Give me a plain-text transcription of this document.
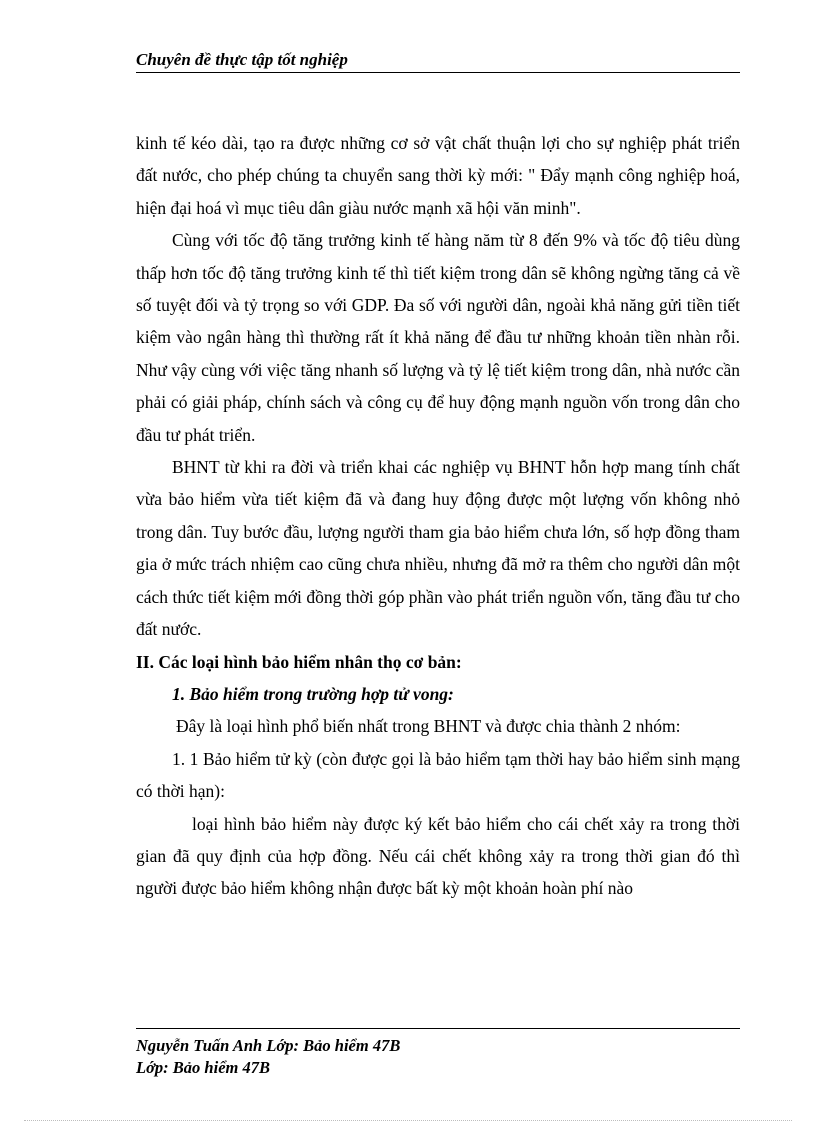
Chuyên đề thực tập tốt nghiệp

kinh tế kéo dài, tạo ra được những cơ sở vật chất thuận lợi cho sự nghiệp phát triển đất nước, cho phép chúng ta chuyển sang thời kỳ mới: " Đẩy mạnh công nghiệp hoá, hiện đại hoá vì mục tiêu dân giàu nước mạnh xã hội văn minh".

Cùng với tốc độ tăng trưởng kinh tế hàng năm từ 8 đến 9% và tốc độ tiêu dùng thấp hơn tốc độ tăng trưởng kinh tế thì tiết kiệm trong dân sẽ không ngừng tăng cả về số tuyệt đối và tỷ trọng so với GDP. Đa số với người dân, ngoài khả năng gửi tiền tiết kiệm vào ngân hàng thì thường rất ít khả năng để đầu tư những khoản tiền nhàn rỗi. Như vậy cùng với việc tăng nhanh số lượng và tỷ lệ tiết kiệm trong dân, nhà nước cần phải có giải pháp, chính sách và công cụ để huy động mạnh nguồn vốn trong dân cho đầu tư phát triển.

BHNT từ khi ra đời và triển khai các nghiệp vụ BHNT hỗn hợp mang tính chất vừa bảo hiểm vừa tiết kiệm đã và đang huy động được một lượng vốn không nhỏ trong dân. Tuy bước đầu, lượng người tham gia bảo hiểm chưa lớn, số hợp đồng tham gia ở mức trách nhiệm cao cũng chưa nhiều, nhưng đã mở ra thêm cho người dân một cách thức tiết kiệm mới đồng thời góp phần vào phát triển nguồn vốn, tăng đầu tư cho đất nước.

II. Các loại hình bảo hiểm nhân thọ cơ bản:

1. Bảo hiểm trong trường hợp tử vong:

Đây là loại hình phổ biến nhất trong BHNT và được chia thành 2 nhóm:

1. 1 Bảo hiểm tử kỳ (còn được gọi là bảo hiểm tạm thời hay bảo hiểm sinh mạng có thời hạn):

loại hình bảo hiểm này được ký kết bảo hiểm cho cái chết xảy ra trong thời gian đã quy định của hợp đồng. Nếu cái chết không xảy ra trong thời gian đó thì người được bảo hiểm không nhận được bất kỳ một khoản hoàn phí nào

Nguyễn Tuấn Anh Lớp: Bảo hiểm 47B
Lớp: Bảo hiểm 47B
